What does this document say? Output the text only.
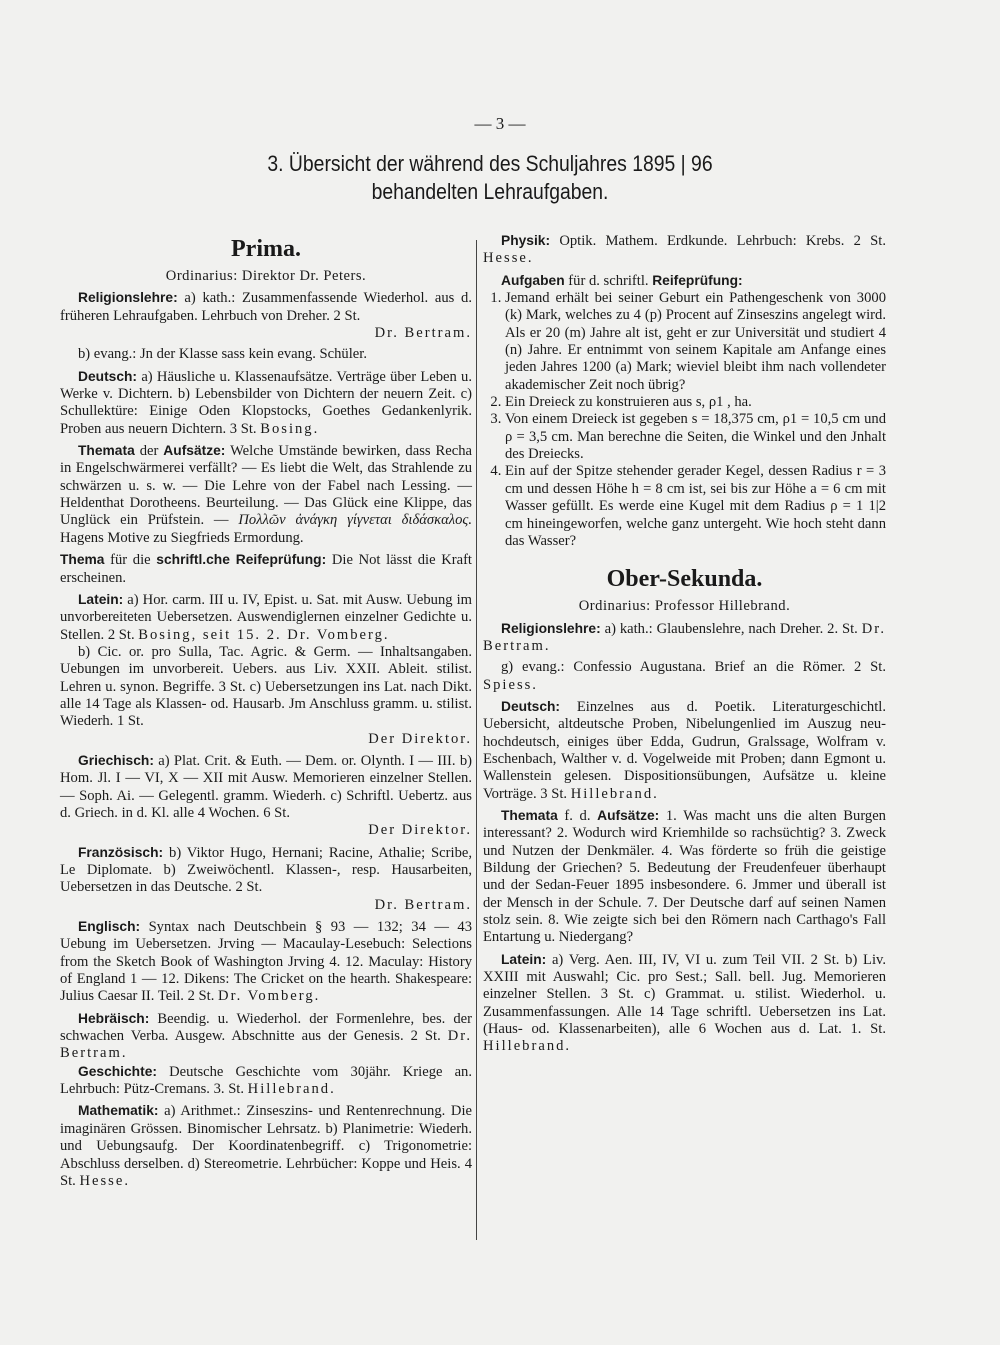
— 3 —
3. Übersicht der während des Schuljahres 1895 | 96
behandelten Lehraufgaben.
Prima.

Ordinarius: Direktor Dr. Peters.

Religionslehre: a) kath.: Zusammenfassende Wiederhol. aus d. früheren Lehraufgaben. Lehrbuch von Dreher. 2 St.

Dr. Bertram.

b) evang.: Jn der Klasse sass kein evang. Schüler.

Deutsch: a) Häusliche u. Klassenaufsätze. Verträge über Leben u. Werke v. Dichtern. b) Lebensbilder von Dichtern der neuern Zeit. c) Schullektüre: Einige Oden Klopstocks, Goethes Gedankenlyrik. Proben aus neuern Dichtern. 3 St. Bosing.

Themata der Aufsätze: Welche Umstände bewirken, dass Recha in Engelschwärmerei verfällt? — Es liebt die Welt, das Strahlende zu schwärzen u. s. w. — Die Lehre von der Fabel nach Lessing. — Heldenthat Dorotheens. Beurteilung. — Das Glück eine Klippe, das Unglück ein Prüfstein. — Πολλῶν ἀνάγκη γίγνεται διδάσκαλος. Hagens Motive zu Siegfrieds Ermordung.

Thema für die schriftl.che Reifeprüfung: Die Not lässt die Kraft erscheinen.

Latein: a) Hor. carm. III u. IV, Epist. u. Sat. mit Ausw. Uebung im unvorbereiteten Uebersetzen. Auswendiglernen einzelner Gedichte u. Stellen. 2 St. Bosing, seit 15. 2. Dr. Vomberg.

b) Cic. or. pro Sulla, Tac. Agric. & Germ. — Inhaltsangaben. Uebungen im unvorbereit. Uebers. aus Liv. XXII. Ableit. stilist. Lehren u. synon. Begriffe. 3 St. c) Uebersetzungen ins Lat. nach Dikt. alle 14 Tage als Klassen- od. Hausarb. Jm Anschluss gramm. u. stilist. Wiederh. 1 St.

Der Direktor.

Griechisch: a) Plat. Crit. & Euth. — Dem. or. Olynth. I — III. b) Hom. Jl. I — VI, X — XII mit Ausw. Memorieren einzelner Stellen. — Soph. Ai. — Gelegentl. gramm. Wiederh. c) Schriftl. Uebertz. aus d. Griech. in d. Kl. alle 4 Wochen. 6 St.

Der Direktor.

Französisch: b) Viktor Hugo, Hernani; Racine, Athalie; Scribe, Le Diplomate. b) Zweiwöchentl. Klassen-, resp. Hausarbeiten, Uebersetzen in das Deutsche. 2 St.

Dr. Bertram.

Englisch: Syntax nach Deutschbein § 93 — 132; 34 — 43 Uebung im Uebersetzen. Jrving — Macaulay-Lesebuch: Selections from the Sketch Book of Washington Jrving 4. 12. Maculay: History of England 1 — 12. Dikens: The Cricket on the hearth. Shakespeare: Julius Caesar II. Teil. 2 St. Dr. Vomberg.

Hebräisch: Beendig. u. Wiederhol. der Formenlehre, bes. der schwachen Verba. Ausgew. Abschnitte aus der Genesis. 2 St. Dr. Bertram.

Geschichte: Deutsche Geschichte vom 30jähr. Kriege an. Lehrbuch: Pütz-Cremans. 3. St. Hillebrand.

Mathematik: a) Arithmet.: Zinseszins- und Rentenrechnung. Die imaginären Grössen. Binomischer Lehrsatz. b) Planimetrie: Wiederh. und Uebungsaufg. Der Koordinatenbegriff. c) Trigonometrie: Abschluss derselben. d) Stereometrie. Lehrbücher: Koppe und Heis. 4 St. Hesse.

Physik: Optik. Mathem. Erdkunde. Lehrbuch: Krebs. 2 St. Hesse.

Aufgaben für d. schriftl. Reifeprüfung:

1. Jemand erhält bei seiner Geburt ein Pathengeschenk von 3000 (k) Mark, welches zu 4 (p) Procent auf Zinseszins angelegt wird. Als er 20 (m) Jahre alt ist, geht er zur Universität und studiert 4 (n) Jahre. Er entnimmt von seinem Kapitale am Anfange eines jeden Jahres 1200 (a) Mark; wieviel bleibt ihm nach vollendeter akademischer Zeit noch übrig?
2. Ein Dreieck zu konstruieren aus s, ρ1 , ha.
3. Von einem Dreieck ist gegeben s = 18,375 cm, ρ1 = 10,5 cm und ρ = 3,5 cm. Man berechne die Seiten, die Winkel und den Jnhalt des Dreiecks.
4. Ein auf der Spitze stehender gerader Kegel, dessen Radius r = 3 cm und dessen Höhe h = 8 cm ist, sei bis zur Höhe a = 6 cm mit Wasser gefüllt. Es werde eine Kugel mit dem Radius ρ = 1 1|2 cm hineingeworfen, welche ganz untergeht. Wie hoch steht dann das Wasser?
Ober-Sekunda.

Ordinarius: Professor Hillebrand.

Religionslehre: a) kath.: Glaubenslehre, nach Dreher. 2. St. Dr. Bertram.

g) evang.: Confessio Augustana. Brief an die Römer. 2 St. Spiess.

Deutsch: Einzelnes aus d. Poetik. Literaturgeschichtl. Uebersicht, altdeutsche Proben, Nibelungenlied im Auszug neu-hochdeutsch, einiges über Edda, Gudrun, Gralssage, Wolfram v. Eschenbach, Walther v. d. Vogelweide mit Proben; dann Egmont u. Wallenstein gelesen. Dispositionsübungen, Aufsätze u. kleine Vorträge. 3 St. Hillebrand.

Themata f. d. Aufsätze: 1. Was macht uns die alten Burgen interessant? 2. Wodurch wird Kriemhilde so rachsüchtig? 3. Zweck und Nutzen der Denkmäler. 4. Was förderte so früh die geistige Bildung der Griechen? 5. Bedeutung der Freudenfeuer überhaupt und der Sedan-Feuer 1895 insbesondere. 6. Jmmer und überall ist der Mensch in der Schule. 7. Der Deutsche darf auf seinen Namen stolz sein. 8. Wie zeigte sich bei den Römern nach Carthago's Fall Entartung u. Niedergang?

Latein: a) Verg. Aen. III, IV, VI u. zum Teil VII. 2 St. b) Liv. XXIII mit Auswahl; Cic. pro Sest.; Sall. bell. Jug. Memorieren einzelner Stellen. 3 St. c) Grammat. u. stilist. Wiederhol. u. Zusammenfassungen. Alle 14 Tage schriftl. Uebersetzen ins Lat. (Haus- od. Klassenarbeiten), alle 6 Wochen aus d. Lat. 1. St. Hillebrand.
